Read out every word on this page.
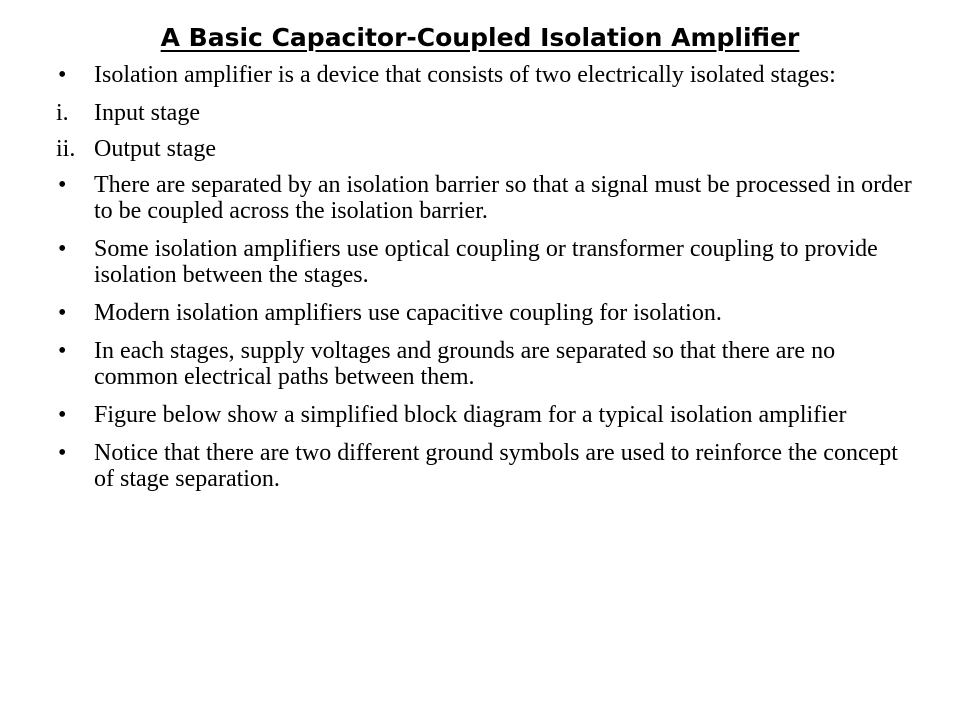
A Basic Capacitor-Coupled Isolation Amplifier
• Isolation amplifier is a device that consists of two electrically isolated stages:
i. Input stage
ii. Output stage
• There are separated by an isolation barrier so that a signal must be processed in order to be coupled across the isolation barrier.
• Some isolation amplifiers use optical coupling or transformer coupling to provide isolation between the stages.
• Modern isolation amplifiers use capacitive coupling for isolation.
• In each stages, supply voltages and grounds are separated so that there are no common electrical paths between them.
• Figure below show a simplified block diagram for a typical isolation amplifier
• Notice that there are two different ground symbols are used to reinforce the concept of stage separation.
